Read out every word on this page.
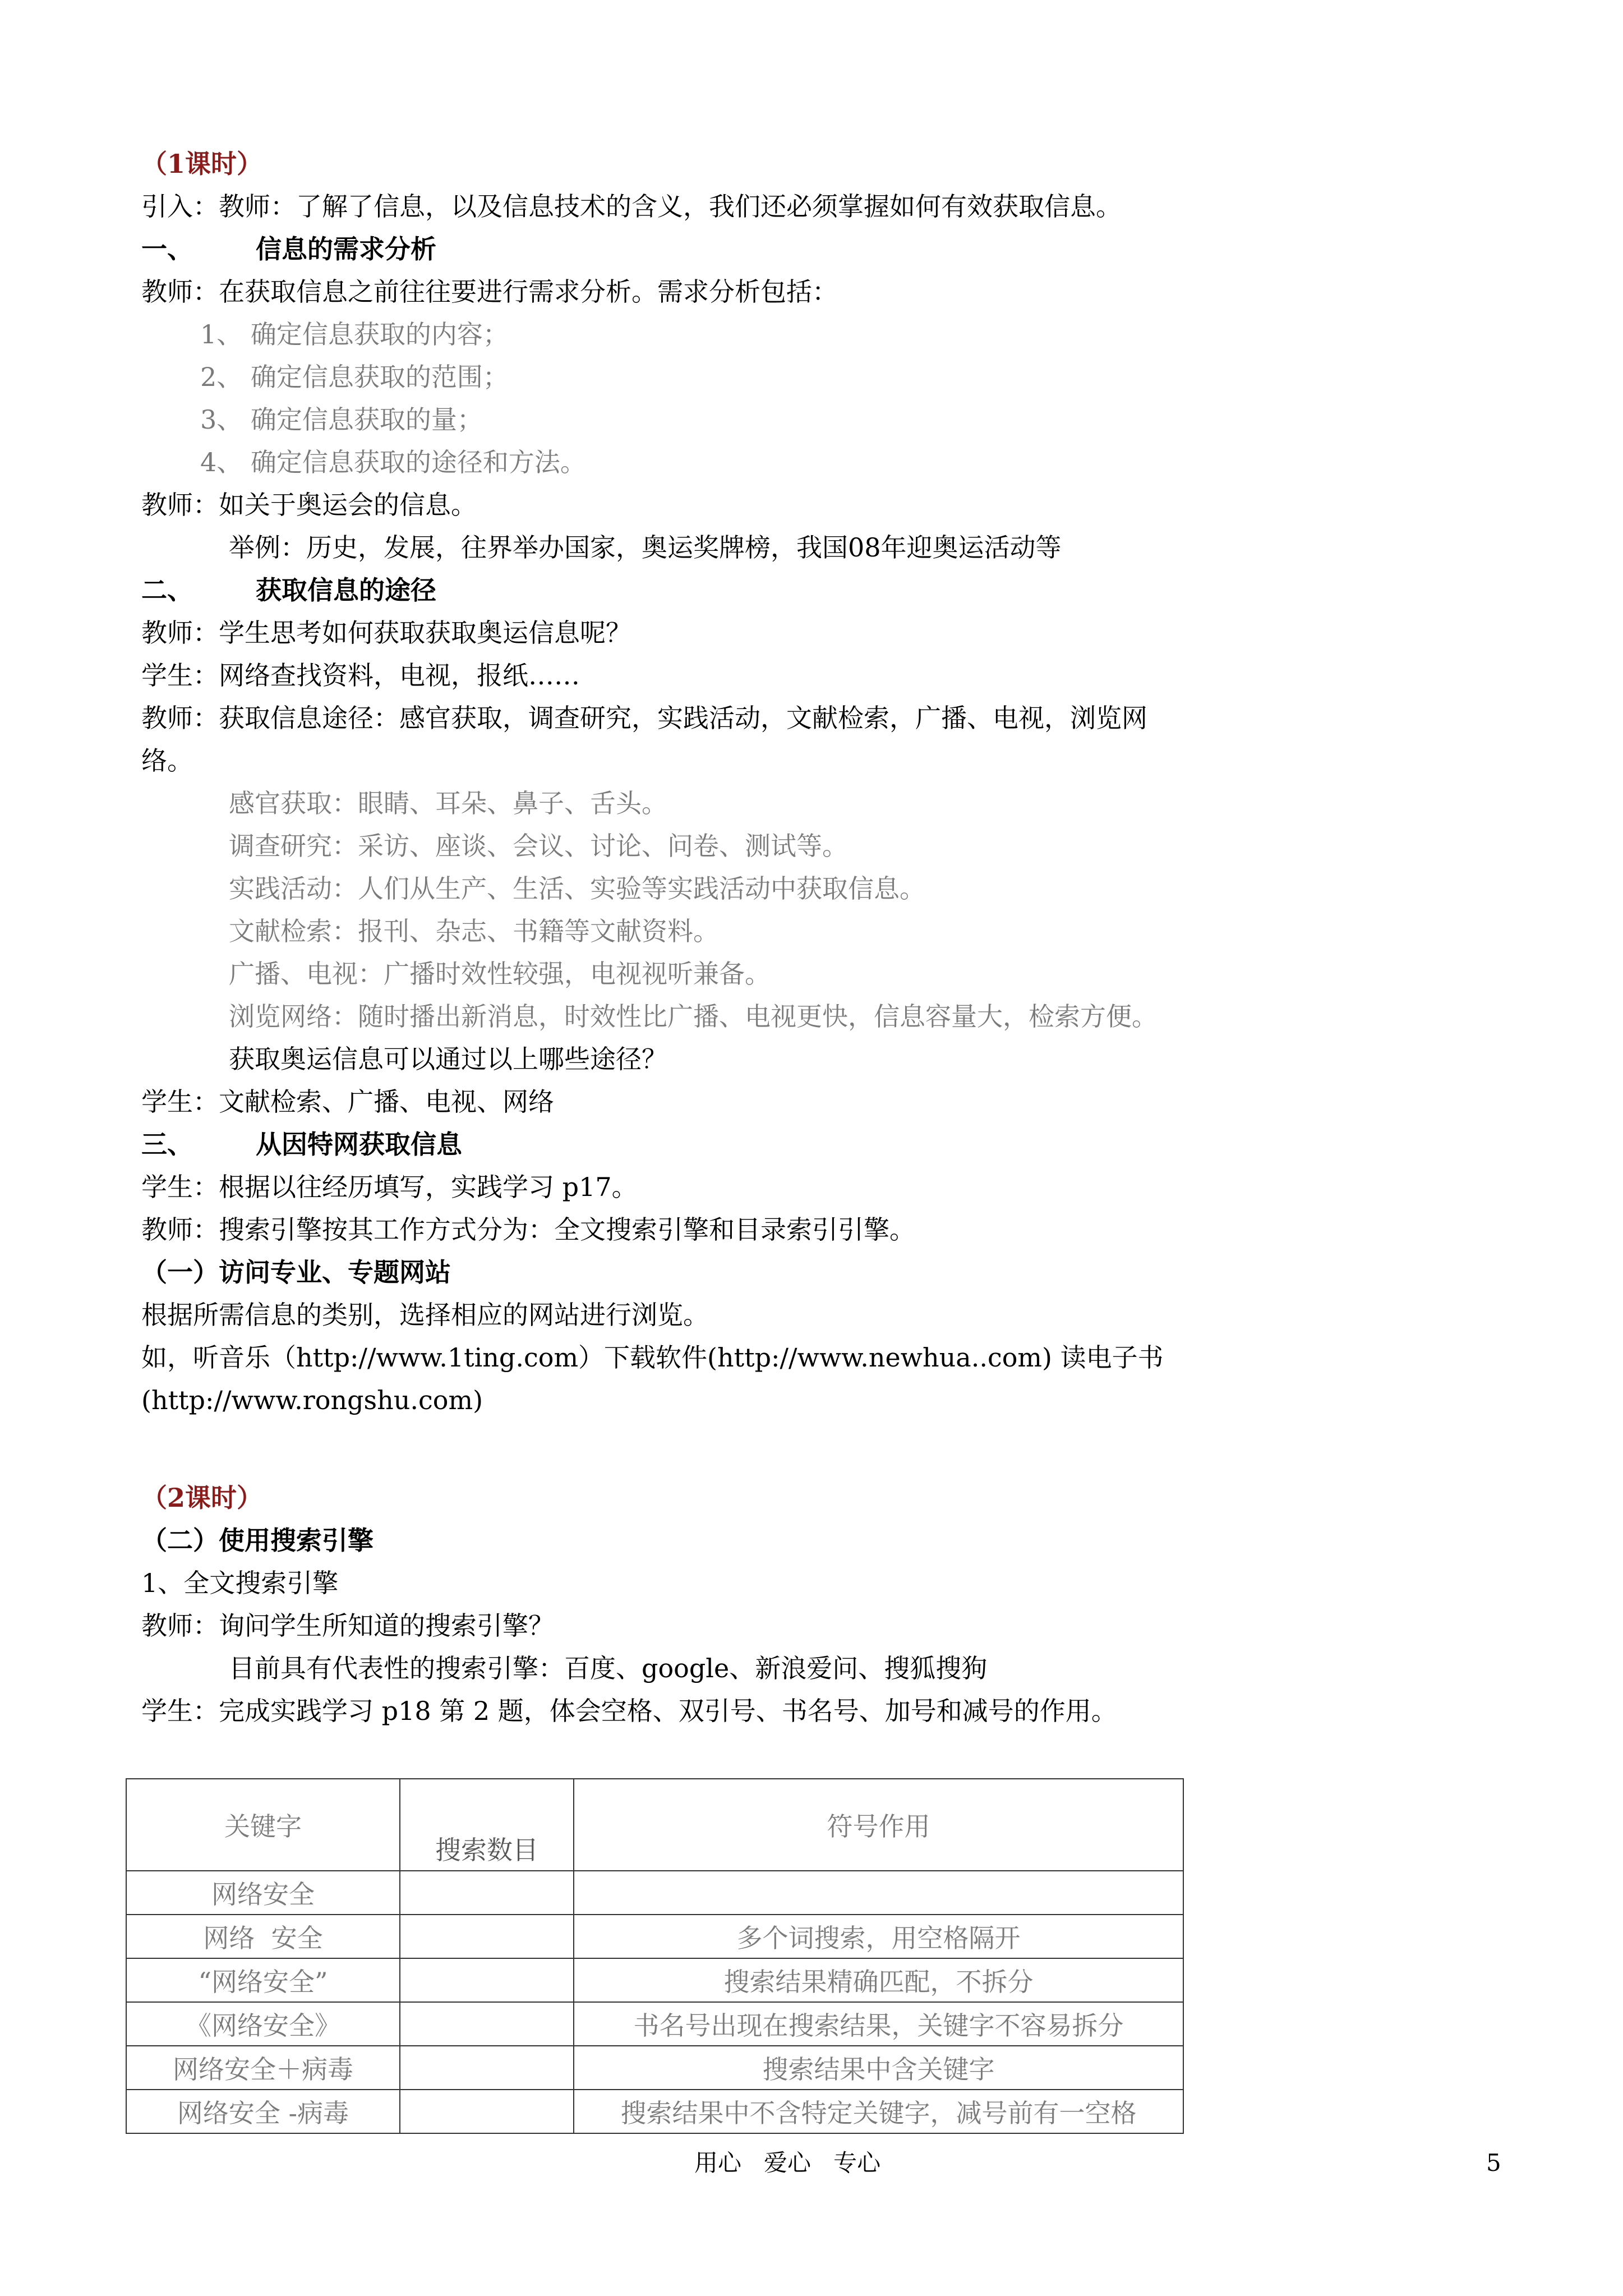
（1课时）
引入：教师：了解了信息，以及信息技术的含义，我们还必须掌握如何有效获取信息。
一、 信息的需求分析
教师：在获取信息之前往往要进行需求分析。需求分析包括：
1、 确定信息获取的内容；
2、 确定信息获取的范围；
3、 确定信息获取的量；
4、 确定信息获取的途径和方法。
教师：如关于奥运会的信息。
举例：历史，发展，往界举办国家，奥运奖牌榜，我国08年迎奥运活动等
二、 获取信息的途径
教师：学生思考如何获取获取奥运信息呢？
学生：网络查找资料，电视，报纸……
教师：获取信息途径：感官获取，调查研究，实践活动，文献检索，广播、电视，浏览网
络。
感官获取：眼睛、耳朵、鼻子、舌头。
调查研究：采访、座谈、会议、讨论、问卷、测试等。
实践活动：人们从生产、生活、实验等实践活动中获取信息。
文献检索：报刊、杂志、书籍等文献资料。
广播、电视：广播时效性较强，电视视听兼备。
浏览网络：随时播出新消息，时效性比广播、电视更快，信息容量大，检索方便。
获取奥运信息可以通过以上哪些途径？
学生：文献检索、广播、电视、网络
三、 从因特网获取信息
学生：根据以往经历填写，实践学习 p17。
教师：搜索引擎按其工作方式分为：全文搜索引擎和目录索引引擎。
（一）访问专业、专题网站
根据所需信息的类别，选择相应的网站进行浏览。
如，听音乐（http://www.1ting.com）下载软件(http://www.newhua..com) 读电子书
(http://www.rongshu.com)
（2课时）
（二）使用搜索引擎
1、全文搜索引擎
教师：询问学生所知道的搜索引擎？
目前具有代表性的搜索引擎：百度、google、新浪爱问、搜狐搜狗
学生：完成实践学习 p18 第 2 题，体会空格、双引号、书名号、加号和减号的作用。
关键字	搜索数目	符号作用
网络安全		
网络  安全		多个词搜索，用空格隔开
“网络安全”		搜索结果精确匹配，不拆分
《网络安全》		书名号出现在搜索结果，关键字不容易拆分
网络安全＋病毒		搜索结果中含关键字
网络安全 -病毒		搜索结果中不含特定关键字，减号前有一空格
用心   爱心   专心	5
